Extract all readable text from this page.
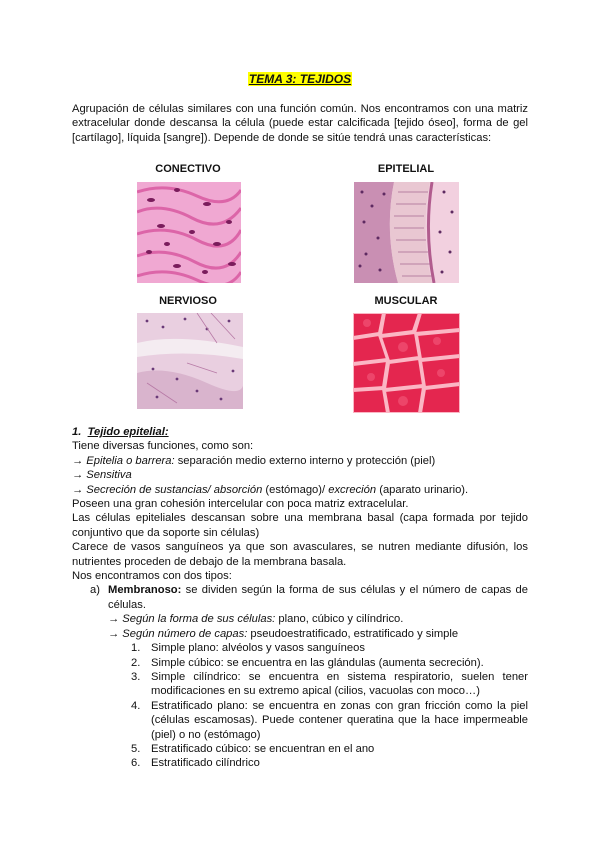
TEMA 3: TEJIDOS
Agrupación de células similares con una función común. Nos encontramos con una matriz extracelular donde descansa la célula (puede estar calcificada [tejido óseo], forma de gel [cartílago], líquida [sangre]). Depende de donde se sitúe tendrá unas características:
CONECTIVO	EPITELIAL
NERVIOSO	MUSCULAR

1. Tejido epitelial:

Tiene diversas funciones, como son:

→ Epitelia o barrera: separación medio externo interno y protección (piel)

→ Sensitiva

→ Secreción de sustancias/ absorción (estómago)/ excreción (aparato urinario).

Poseen una gran cohesión intercelular con poca matriz extracelular.

Las células epiteliales descansan sobre una membrana basal (capa formada por tejido conjuntivo que da soporte sin células)

Carece de vasos sanguíneos ya que son avasculares, se nutren mediante difusión, los nutrientes proceden de debajo de la membrana basala.

Nos encontramos con dos tipos:

a) Membranoso: se dividen según la forma de sus células y el número de capas de células.

→ Según la forma de sus células: plano, cúbico y cilíndrico.

→ Según número de capas: pseudoestratificado, estratificado y simple

1. Simple plano: alvéolos y vasos sanguíneos
2. Simple cúbico: se encuentra en las glándulas (aumenta secreción).
3. Simple cilíndrico: se encuentra en sistema respiratorio, suelen tener modificaciones en su extremo apical (cilios, vacuolas con moco…)
4. Estratificado plano: se encuentra en zonas con gran fricción como la piel (células escamosas). Puede contener queratina que la hace impermeable (piel) o no (estómago)
5. Estratificado cúbico: se encuentran en el ano
6. Estratificado cilíndrico
